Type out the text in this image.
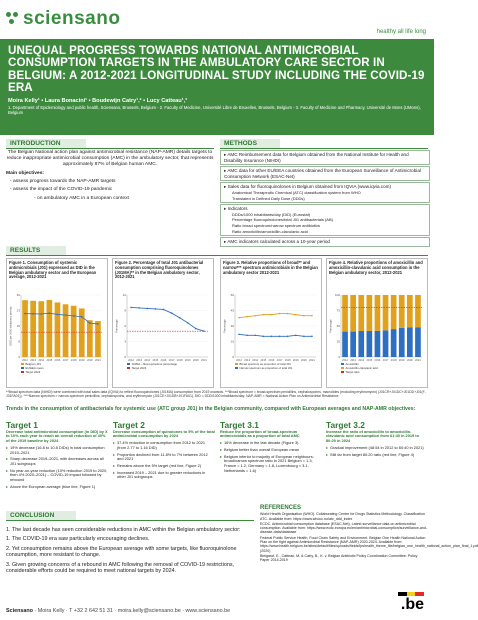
sciensano
healthy all life long
UNEQUAL PROGRESS TOWARDS NATIONAL ANTIMICROBIAL CONSUMPTION TARGETS IN THE AMBULATORY CARE SECTOR IN BELGIUM: A 2012-2021 LONGITUDINAL STUDY INCLUDING THE COVID-19 ERA
Moira Kelly¹ • Laura Bonacini¹ • Boudewijn Catry¹,² • Lucy Catteau¹,³
1. Department of Epidemiology and public health, Sciensano, Brussels, Belgium - 2. Faculty of Medicine, Université Libre de Bruxelles, Brussels, Belgium - 3. Faculty of Medicine and Pharmacy, Université de Mons (UMons), Belgium
INTRODUCTION

The Belgian National action plan against antimicrobial resistance (NAP-AMR) details targets to reduce inappropriate antimicrobial consumption (AMC) in the ambulatory sector, that represents approximately 87% of Belgian human AMC.

Main objectives:
- assess progress towards the NAP-AMR targets
- assess the impact of the COVID-19 pandemic
- on ambulatory AMC in a European context
METHODS
▸ AMC Reimbursement data for Belgium obtained from the National Institute for Health and Disability Insurance (NIHDI)
▸ AMC data for other EU/EEA countries obtained from the European Surveillance of Antimicrobial Consumption Network (ESAC-Net)
▸ Sales data for fluoroquinolones in Belgium obtained from IQVIA (www.iqvia.com)
Anatomical Therapeutic Chemical (ATC) classification system from WHO
Translated in Defined Daily Dose (DDDs)
▸ Indicators
DDDs/1000 inhabitants/day (DID) (Eurostat)
Percentage fluoroquinolones/total J01 antibacterials (AB)
Ratio broad spectrum/narrow spectrum antibiotics
Ratio amoxicillin/amoxicillin-clavulanic acid
▸ AMC indicators calculated across a 10-year period
RESULTS
Figure 1. Consumption of systemic antimicrobials (J01) expressed as DID in the Belgian ambulatory sector and the European average, 2012-2021
0
8
15
23
30
DDD per 1000 inhabitants per day
2012 2013 2014 2015 2016 2017 2018 2019 2020 2021
Belgium J01
EU/EEA mean
Target 2024
Figure 2. Percentage of total J01 antibacterial consumption comprising fluoroquinolones (J01MA)** in the Belgian ambulatory sector, 2012-2021
0
3
6
9
12
Percentage
2012 2013 2014 2015 2016 2017 2018 2019 2020 2021
J01MA – fluoroquinolone percentage
Target 2024
Figure 3. Relative proportions of broad** and narrow*** spectrum antimicrobials in the Belgian ambulatory sector 2012-2021
0
15
30
45
60
Percentage
2012 2013 2014 2015 2016 2017 2018 2019 2020 2021
Broad spectrum as proportion of total J01
Narrow spectrum as proportion of total J01
Figure 4. Relative proportions of amoxicillin and amoxicillin-clavulanic acid consumption in the Belgian ambulatory sector, 2012-2021
0
25
50
75
100
Percentage
2012 2013 2014 2015 2016 2017 2018 2019 2020 2021
Amoxicillin
Amoxicillin-clavulanic acid
Target ratio
**Broad spectrum data (NIHDI) were combined with total sales data (IQVIA) to reflect fluoroquinolones (J01MA) consumption from 2019 onwards. ***Broad spectrum = broad-spectrum penicillins, cephalosporins, macrolides (excluding erythromycin) (J01CR+J01DC+J01DD+J01(F-J01FA01)). ****Narrow spectrum = narrow-spectrum penicillins, cephalosporins, and erythromycin (J01CE+J01DB+J01FA01). DID = DDD/1000 inhabitants/day; NAP-AMR = National Action Plan on Antimicrobial Resistance
Trends in the consumption of antibacterials for systemic use (ATC group J01) in the Belgian community, compared with European averages and NAP-AMR objectives:
Target 1
Decrease total antimicrobial consumption (in DID) by X to 10% each year to reach an overall reduction of 40% of the 2019 baseline by 2024
▸ 19% decrease (16.8 to 10.8 DIDs) in total consumption 2019–2021
▸ Sharp decrease 2019–2021, with decreases across all J01 subgroups
▸ No year-on-year reduction (10% reduction 2019 to 2020, then 4% 2020–2021) – COVID-19 impact followed by rebound
▸ Above the European average (blue line, Figure 1)
Target 2
Decrease consumption of quinolones to 5% of the total antimicrobial consumption by 2024
▸ 37.4% reduction in consumption from 2012 to 2021 (from 2.77 to 1.16 DID)
▸ Proportion declined from 11.8% to 7% between 2012 and 2021
▸ Remains above the 5% target (red line, Figure 2)
▸ Increased 2019 – 2021 due to greater reductions in other J01 subgroups
Target 3.1
Reduce the proportion of broad-spectrum antimicrobials as a proportion of total AMC
▸ 16% decrease in the last decade (Figure 3)
▸ Belgium better than overall European mean
▸ Belgium inferior to majority of European neighbours: broad/narrow spectrum ratio in 2021 Belgium = 1.3, France = 1.2, Germany = 1.8, Luxembourg = 3.1, Netherlands = 1.6)
Target 3.2
Increase the ratio of amoxicillin to amoxicillin-clavulanic acid consumption from 61:40 in 2019 to 80:20 in 2024
▸ Gradual improvement (48:54 in 2012 to 60:40 in 2021)
▸ Still far from target 80:20 ratio (red line, Figure 4)
CONCLUSION
1. The last decade has seen considerable reductions in AMC within the Belgian ambulatory sector:
1. The COVID-19 era saw particularly encouraging declines.
2. Yet consumption remains above the European average with some targets, like fluoroquinolone consumption, more resistant to change.
3. Given growing concerns of a rebound in AMC following the removal of COVID-19 restrictions, considerable efforts could be required to meet national targets by 2024.
REFERENCES

World Health Organisation (WHO). Collaborating Centre for Drugs Statistics Methodology. Classification ATC. Available from: https://www.whocc.no/atc_ddd_index

ECDC. Antimicrobial consumption database (ESAC-Net). Latest surveillance data on antimicrobial consumption. Available from: https://www.ecdc.europa.eu/en/antimicrobial-consumption/surveillance-and-disease-data/database

Federal Public Service Health, Food Chain Safety and Environment. Belgian One Health National Action Plan on the fight against Antimicrobial Resistance (NAP-AMR) 2020-2024. Available from: https://www.health.belgium.be/sites/default/files/uploads/fields/fpshealth_theme_file/belgian_one_health_national_action_plan_final_1.pdf (2020)

Bielgarot, E., Catteau, M. & Catry, B., K. v. Belgian Antibiotic Policy Coordination Committee. Policy Paper 2014-2019

Sciensano · Moira Kelly · T +32 2 642 51 31 · moira.kelly@sciensano.be · www.sciensano.be	.be
